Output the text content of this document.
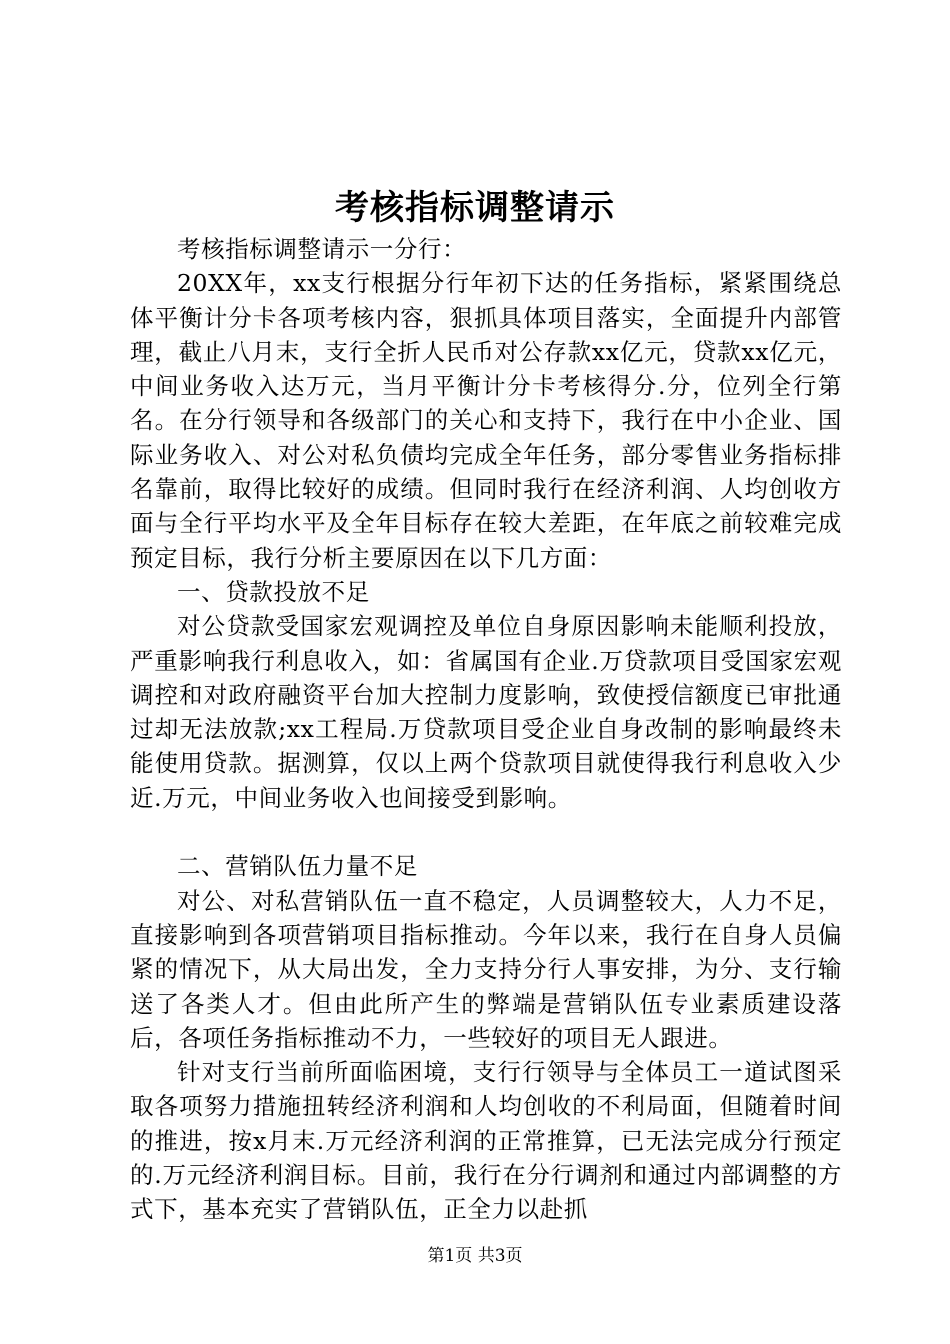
考核指标调整请示

考核指标调整请示一分行：

20XX年，xx支行根据分行年初下达的任务指标，紧紧围绕总体平衡计分卡各项考核内容，狠抓具体项目落实，全面提升内部管理，截止八月末，支行全折人民币对公存款xx亿元，贷款xx亿元，中间业务收入达万元，当月平衡计分卡考核得分.分，位列全行第名。在分行领导和各级部门的关心和支持下，我行在中小企业、国际业务收入、对公对私负债均完成全年任务，部分零售业务指标排名靠前，取得比较好的成绩。但同时我行在经济利润、人均创收方面与全行平均水平及全年目标存在较大差距，在年底之前较难完成预定目标，我行分析主要原因在以下几方面：

一、贷款投放不足

对公贷款受国家宏观调控及单位自身原因影响未能顺利投放，严重影响我行利息收入，如：省属国有企业.万贷款项目受国家宏观调控和对政府融资平台加大控制力度影响，致使授信额度已审批通过却无法放款;xx工程局.万贷款项目受企业自身改制的影响最终未能使用贷款。据测算，仅以上两个贷款项目就使得我行利息收入少近.万元，中间业务收入也间接受到影响。

二、营销队伍力量不足

对公、对私营销队伍一直不稳定，人员调整较大，人力不足，直接影响到各项营销项目指标推动。今年以来，我行在自身人员偏紧的情况下，从大局出发，全力支持分行人事安排，为分、支行输送了各类人才。但由此所产生的弊端是营销队伍专业素质建设落后，各项任务指标推动不力，一些较好的项目无人跟进。

针对支行当前所面临困境，支行行领导与全体员工一道试图采取各项努力措施扭转经济利润和人均创收的不利局面，但随着时间的推进，按x月末.万元经济利润的正常推算，已无法完成分行预定的.万元经济利润目标。目前，我行在分行调剂和通过内部调整的方式下，基本充实了营销队伍，正全力以赴抓

第1页 共3页
